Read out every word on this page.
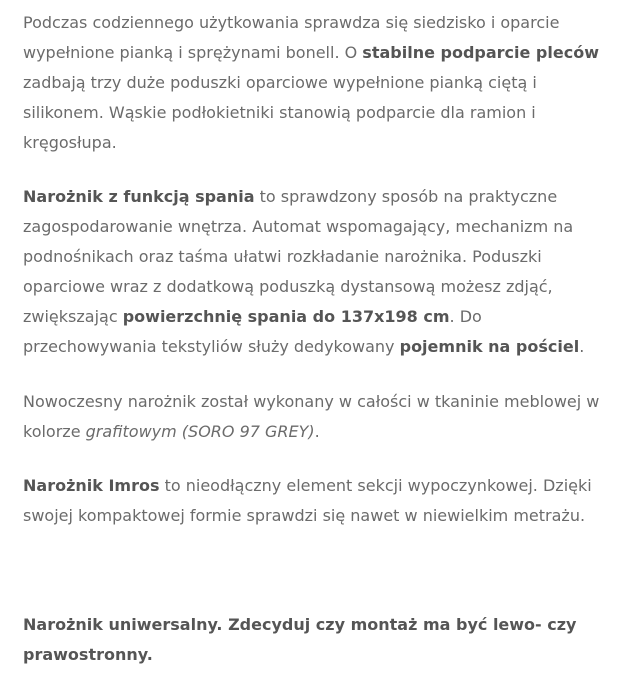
Podczas codziennego użytkowania sprawdza się siedzisko i oparcie wypełnione pianką i sprężynami bonell. O stabilne podparcie pleców zadbają trzy duże poduszki oparciowe wypełnione pianką ciętą i silikonem. Wąskie podłokietniki stanowią podparcie dla ramion i kręgosłupa.

Narożnik z funkcją spania to sprawdzony sposób na praktyczne zagospodarowanie wnętrza. Automat wspomagający, mechanizm na podnośnikach oraz taśma ułatwi rozkładanie narożnika. Poduszki oparciowe wraz z dodatkową poduszką dystansową możesz zdjąć, zwiększając powierzchnię spania do 137x198 cm. Do przechowywania tekstyliów służy dedykowany pojemnik na pościel.

Nowoczesny narożnik został wykonany w całości w tkaninie meblowej w kolorze grafitowym (SORO 97 GREY).

Narożnik Imros to nieodłączny element sekcji wypoczynkowej. Dzięki swojej kompaktowej formie sprawdzi się nawet w niewielkim metrażu.

Narożnik uniwersalny. Zdecyduj czy montaż ma być lewo- czy prawostronny.
